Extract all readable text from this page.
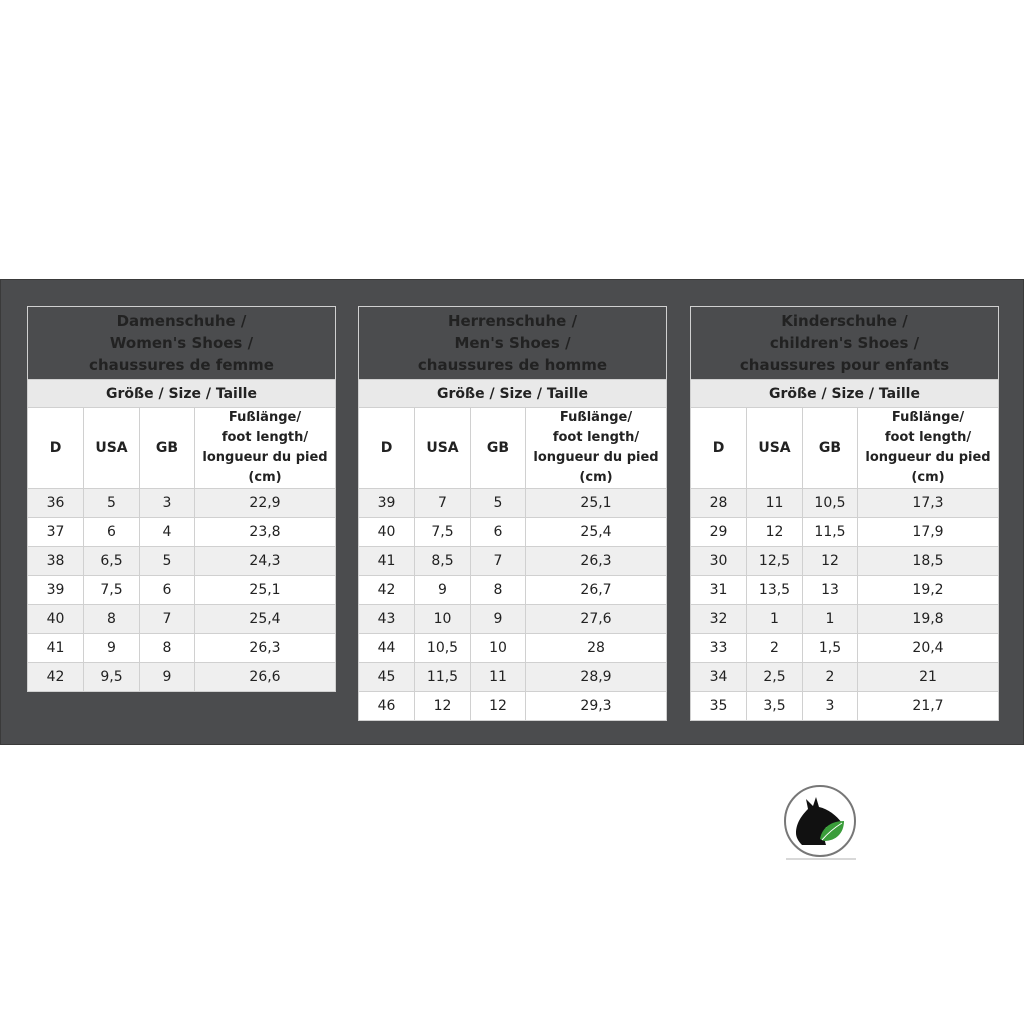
Damenschuhe /
Women's Shoes /
chaussures de femme			
Größe / Size / Taille			
D	USA	GB	Fußlänge/
foot length/
longueur du pied
(cm)
36	5	3	22,9
37	6	4	23,8
38	6,5	5	24,3
39	7,5	6	25,1
40	8	7	25,4
41	9	8	26,3
42	9,5	9	26,6
Herrenschuhe /
Men's Shoes /
chaussures de homme			
Größe / Size / Taille			
D	USA	GB	Fußlänge/
foot length/
longueur du pied
(cm)
39	7	5	25,1
40	7,5	6	25,4
41	8,5	7	26,3
42	9	8	26,7
43	10	9	27,6
44	10,5	10	28
45	11,5	11	28,9
46	12	12	29,3
Kinderschuhe /
children's Shoes /
chaussures pour enfants			
Größe / Size / Taille			
D	USA	GB	Fußlänge/
foot length/
longueur du pied
(cm)
28	11	10,5	17,3
29	12	11,5	17,9
30	12,5	12	18,5
31	13,5	13	19,2
32	1	1	19,8
33	2	1,5	20,4
34	2,5	2	21
35	3,5	3	21,7
